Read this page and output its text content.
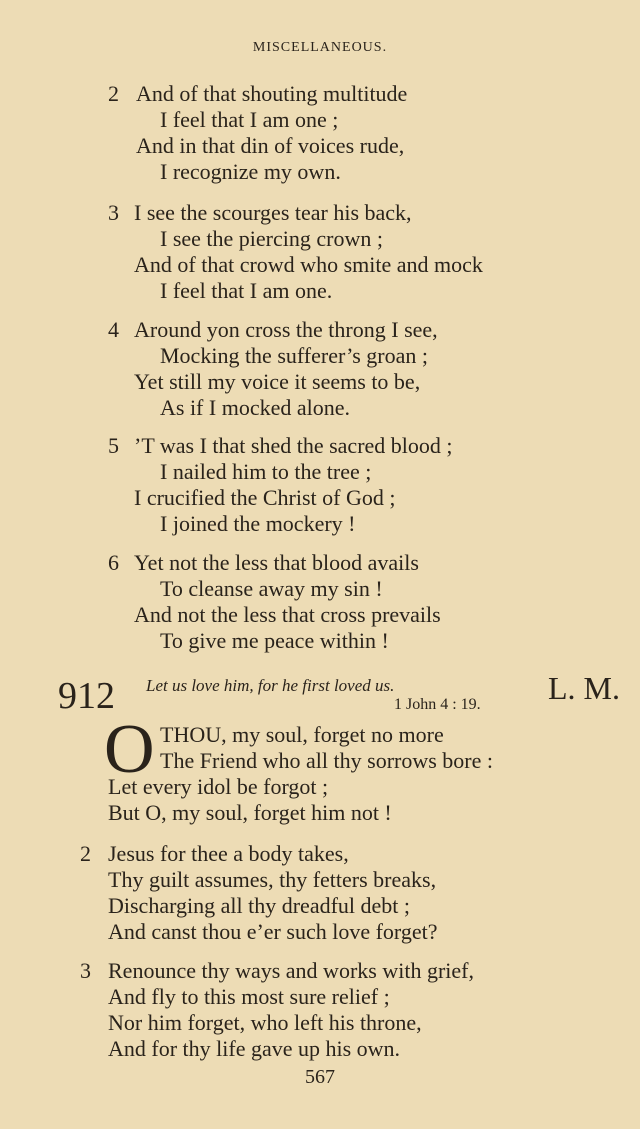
MISCELLANEOUS.
2 And of that shouting multitude
I feel that I am one ;
And in that din of voices rude,
I recognize my own.
3 I see the scourges tear his back,
I see the piercing crown ;
And of that crowd who smite and mock
I feel that I am one.
4 Around yon cross the throng I see,
Mocking the sufferer’s groan ;
Yet still my voice it seems to be,
As if I mocked alone.
5 ’T was I that shed the sacred blood ;
I nailed him to the tree ;
I crucified the Christ of God ;
I joined the mockery !
6 Yet not the less that blood avails
To cleanse away my sin !
And not the less that cross prevails
To give me peace within !
912 Let us love him, for he first loved us.
1 John 4 : 19. L. M.
O THOU, my soul, forget no more
The Friend who all thy sorrows bore :
Let every idol be forgot ;
But O, my soul, forget him not !
2 Jesus for thee a body takes,
Thy guilt assumes, thy fetters breaks,
Discharging all thy dreadful debt ;
And canst thou e’er such love forget?
3 Renounce thy ways and works with grief,
And fly to this most sure relief ;
Nor him forget, who left his throne,
And for thy life gave up his own.
567
